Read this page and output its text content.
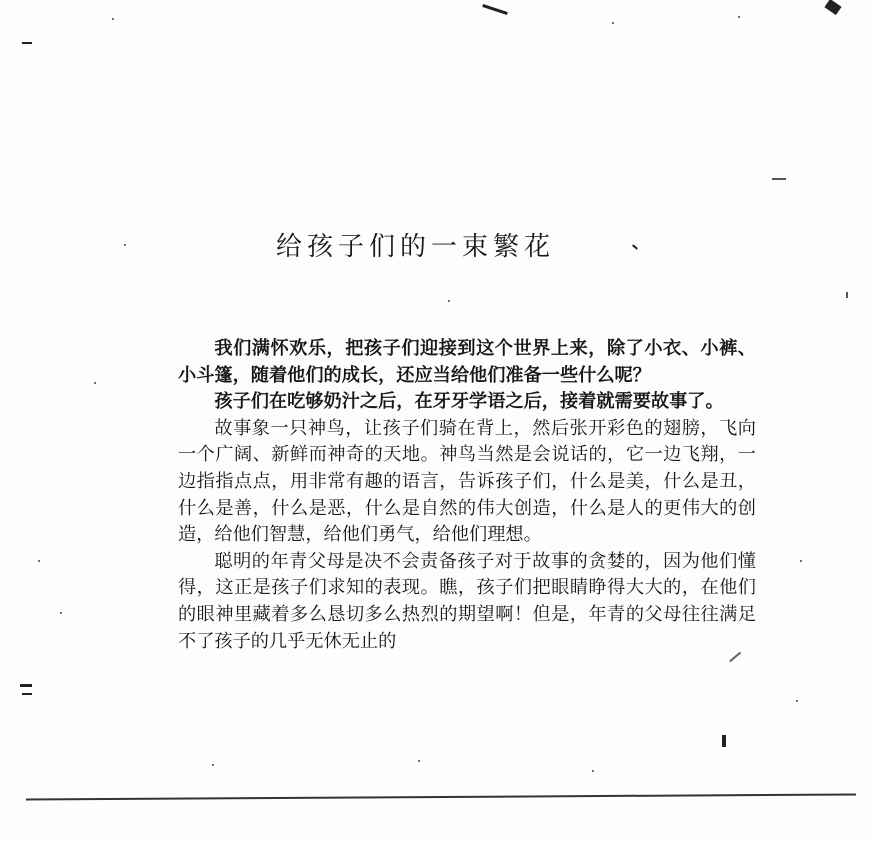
给孩子们的一束繁花

我们满怀欢乐，把孩子们迎接到这个世界上来，除了小衣、小裤、小斗篷，随着他们的成长，还应当给他们准备一些什么呢？

孩子们在吃够奶汁之后，在牙牙学语之后，接着就需要故事了。

故事象一只神鸟，让孩子们骑在背上，然后张开彩色的翅膀，飞向一个广阔、新鲜而神奇的天地。神鸟当然是会说话的，它一边飞翔，一边指指点点，用非常有趣的语言，告诉孩子们，什么是美，什么是丑，什么是善，什么是恶，什么是自然的伟大创造，什么是人的更伟大的创造，给他们智慧，给他们勇气，给他们理想。

聪明的年青父母是决不会责备孩子对于故事的贪婪的，因为他们懂得，这正是孩子们求知的表现。瞧，孩子们把眼睛睁得大大的，在他们的眼神里藏着多么恳切多么热烈的期望啊！但是，年青的父母往往满足不了孩子的几乎无休无止的
